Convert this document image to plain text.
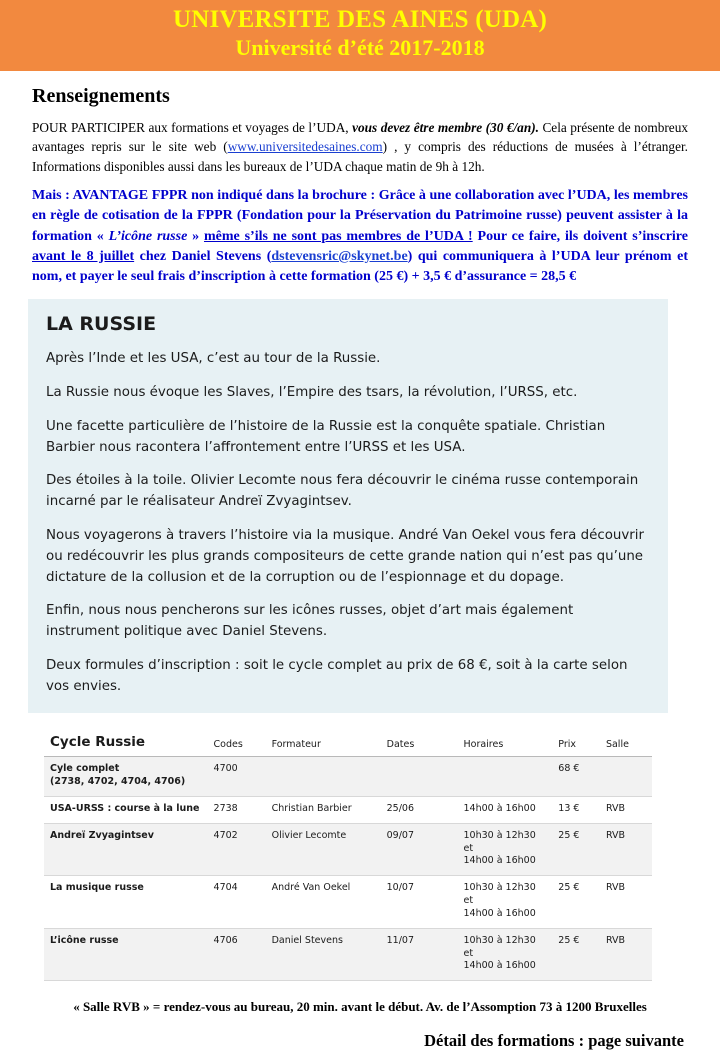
UNIVERSITE DES AINES (UDA)
Université d’été 2017-2018
Renseignements

POUR PARTICIPER aux formations et voyages de l’UDA, vous devez être membre (30 €/an). Cela présente de nombreux avantages repris sur le site web (www.universitedesaines.com) , y compris des réductions de musées à l’étranger. Informations disponibles aussi dans les bureaux de l’UDA chaque matin de 9h à 12h.

Mais : AVANTAGE FPPR non indiqué dans la brochure : Grâce à une collaboration avec l’UDA, les membres en règle de cotisation de la FPPR (Fondation pour la Préservation du Patrimoine russe) peuvent assister à la formation « L’icône russe » même s’ils ne sont pas membres de l’UDA ! Pour ce faire, ils doivent s’inscrire avant le 8 juillet chez Daniel Stevens (dstevensric@skynet.be) qui communiquera à l’UDA leur prénom et nom, et payer le seul frais d’inscription à cette formation (25 €) + 3,5 € d’assurance = 28,5 €

LA RUSSIE

Après l’Inde et les USA, c’est au tour de la Russie.

La Russie nous évoque les Slaves, l’Empire des tsars, la révolution, l’URSS, etc.

Une facette particulière de l’histoire de la Russie est la conquête spatiale. Christian Barbier nous racontera l’affrontement entre l’URSS et les USA.

Des étoiles à la toile. Olivier Lecomte nous fera découvrir le cinéma russe contemporain incarné par le réalisateur Andreï Zvyagintsev.

Nous voyagerons à travers l’histoire via la musique. André Van Oekel vous fera découvrir ou redécouvrir les plus grands compositeurs de cette grande nation qui n’est pas qu’une dictature de la collusion et de la corruption ou de l’espionnage et du dopage.

Enfin, nous nous pencherons sur les icônes russes, objet d’art mais également instrument politique avec Daniel Stevens.

Deux formules d’inscription : soit le cycle complet au prix de 68 €, soit à la carte selon vos envies.

Cycle Russie	Codes	Formateur	Dates	Horaires	Prix	Salle
Cyle complet
(2738, 4702, 4704, 4706)	4700				68 €	
USA-URSS : course à la lune	2738	Christian Barbier	25/06	14h00 à 16h00	13 €	RVB
Andreï Zvyagintsev	4702	Olivier Lecomte	09/07	10h30 à 12h30 et
14h00 à 16h00	25 €	RVB
La musique russe	4704	André Van Oekel	10/07	10h30 à 12h30 et
14h00 à 16h00	25 €	RVB
L’icône russe	4706	Daniel Stevens	11/07	10h30 à 12h30 et
14h00 à 16h00	25 €	RVB
« Salle RVB » = rendez-vous au bureau, 20 min. avant le début. Av. de l’Assomption 73 à 1200 Bruxelles
Détail des formations : page suivante
